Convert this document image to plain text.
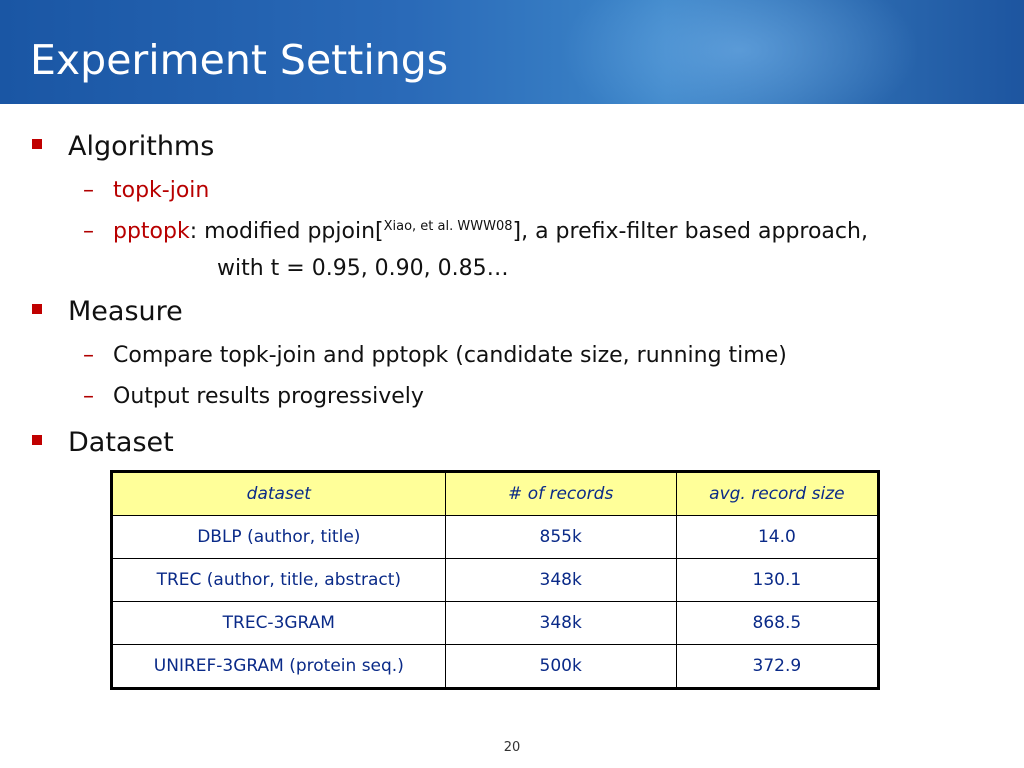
Experiment Settings
Algorithms
– topk-join
– pptopk : modified ppjoin[$^{Xiao, et al. WWW08}$ ], a prefix-filter based approach,
with t = 0.95, 0.90, 0.85…
Measure
– Compare topk-join and pptopk (candidate size, running time)
– Output results progressively
Dataset
dataset	# of records	avg. record size
DBLP (author, title)	855k	14.0
TREC (author, title, abstract)	348k	130.1
TREC-3GRAM	348k	868.5
UNIREF-3GRAM (protein seq.)	500k	372.9
20
